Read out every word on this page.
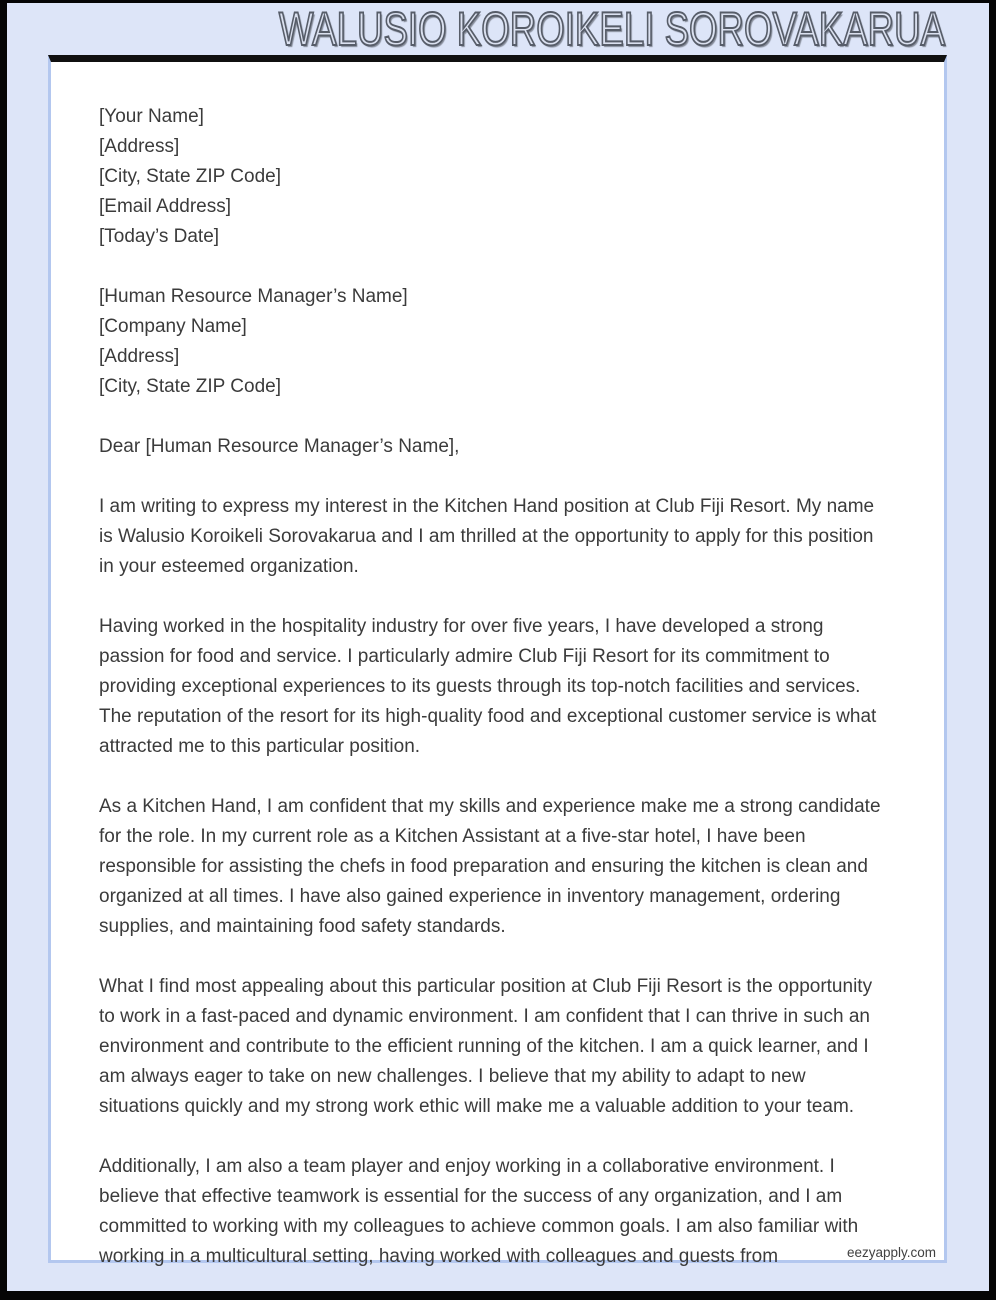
WALUSIO KOROIKELI SOROVAKARUA
[Your Name]
[Address]
[City, State ZIP Code]
[Email Address]
[Today’s Date]
[Human Resource Manager’s Name]
[Company Name]
[Address]
[City, State ZIP Code]

Dear [Human Resource Manager’s Name],

I am writing to express my interest in the Kitchen Hand position at Club Fiji Resort. My name is Walusio Koroikeli Sorovakarua and I am thrilled at the opportunity to apply for this position in your esteemed organization.

Having worked in the hospitality industry for over five years, I have developed a strong passion for food and service. I particularly admire Club Fiji Resort for its commitment to providing exceptional experiences to its guests through its top-notch facilities and services. The reputation of the resort for its high-quality food and exceptional customer service is what attracted me to this particular position.

As a Kitchen Hand, I am confident that my skills and experience make me a strong candidate for the role. In my current role as a Kitchen Assistant at a five-star hotel, I have been responsible for assisting the chefs in food preparation and ensuring the kitchen is clean and organized at all times. I have also gained experience in inventory management, ordering supplies, and maintaining food safety standards.

What I find most appealing about this particular position at Club Fiji Resort is the opportunity to work in a fast-paced and dynamic environment. I am confident that I can thrive in such an environment and contribute to the efficient running of the kitchen. I am a quick learner, and I am always eager to take on new challenges. I believe that my ability to adapt to new situations quickly and my strong work ethic will make me a valuable addition to your team.

Additionally, I am also a team player and enjoy working in a collaborative environment. I believe that effective teamwork is essential for the success of any organization, and I am committed to working with my colleagues to achieve common goals. I am also familiar with working in a multicultural setting, having worked with colleagues and guests from	eezyapply.com
